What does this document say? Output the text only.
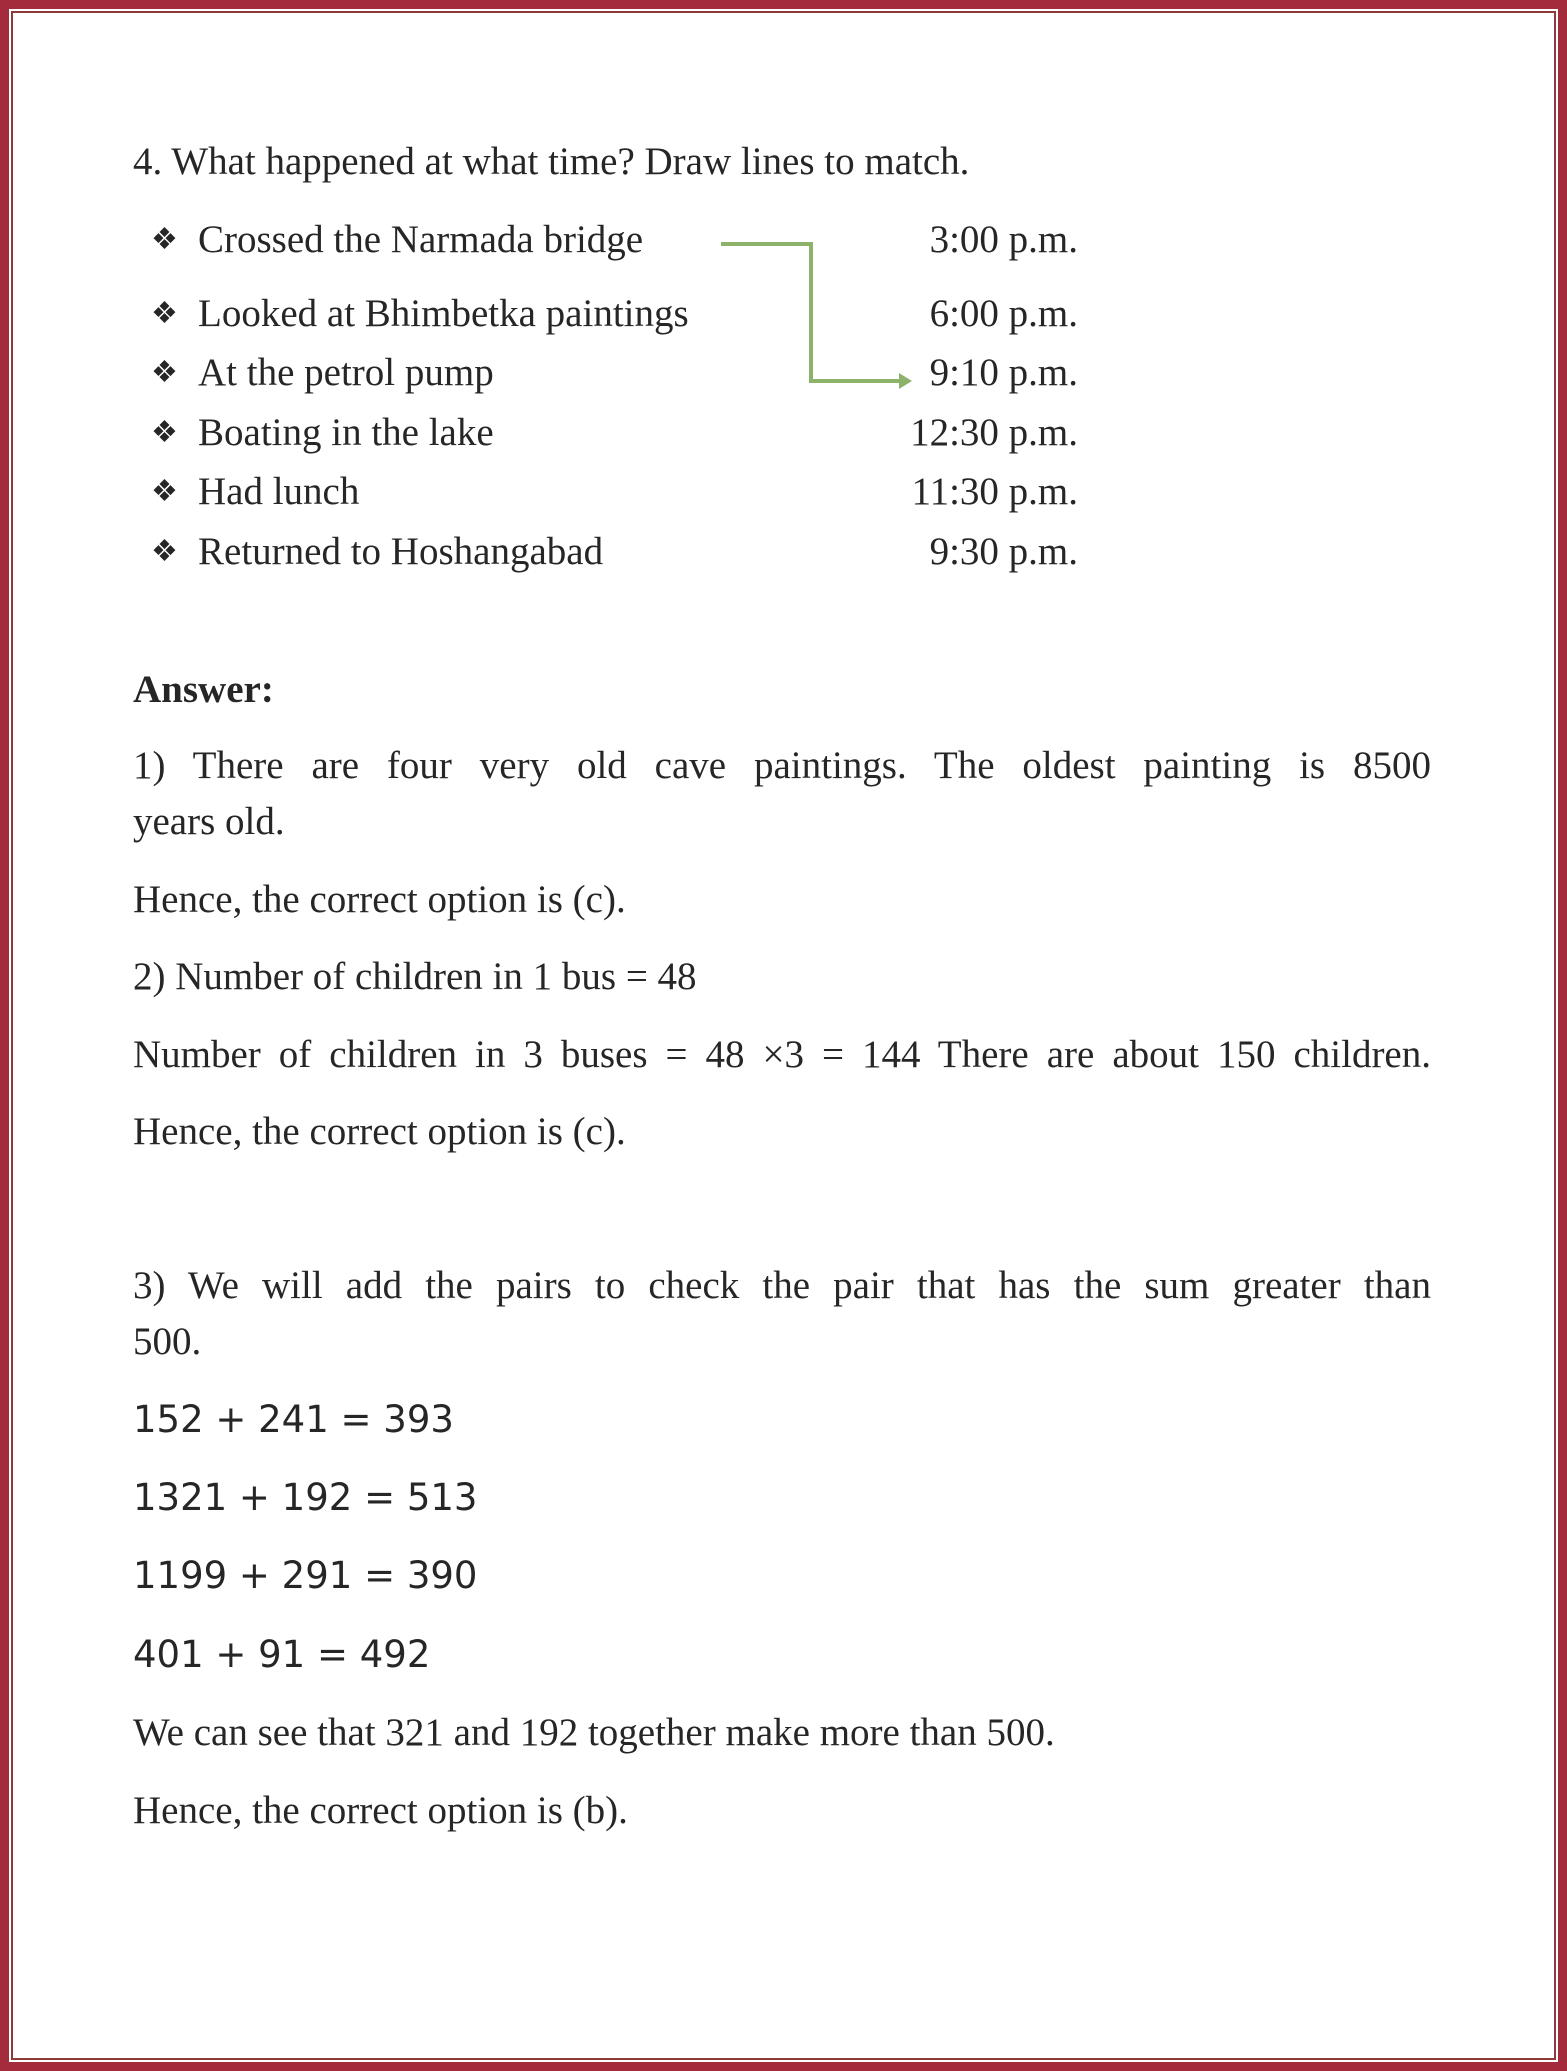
4. What happened at what time? Draw lines to match.
❖ Crossed the Narmada bridge
❖ Looked at Bhimbetka paintings
❖ At the petrol pump
❖ Boating in the lake
❖ Had lunch
❖ Returned to Hoshangabad
3:00 p.m.
6:00 p.m.
9:10 p.m.
12:30 p.m.
11:30 p.m.
9:30 p.m.
Answer:
1) There are four very old cave paintings. The oldest painting is 8500
years old.
Hence, the correct option is (c).
2) Number of children in 1 bus = 48
Number of children in 3 buses = 48 ×3 = 144 There are about 150 children.
Hence, the correct option is (c).
3) We will add the pairs to check the pair that has the sum greater than
500.
152 + 241 = 393
1321 + 192 = 513
1199 + 291 = 390
401 + 91 = 492
We can see that 321 and 192 together make more than 500.
Hence, the correct option is (b).
